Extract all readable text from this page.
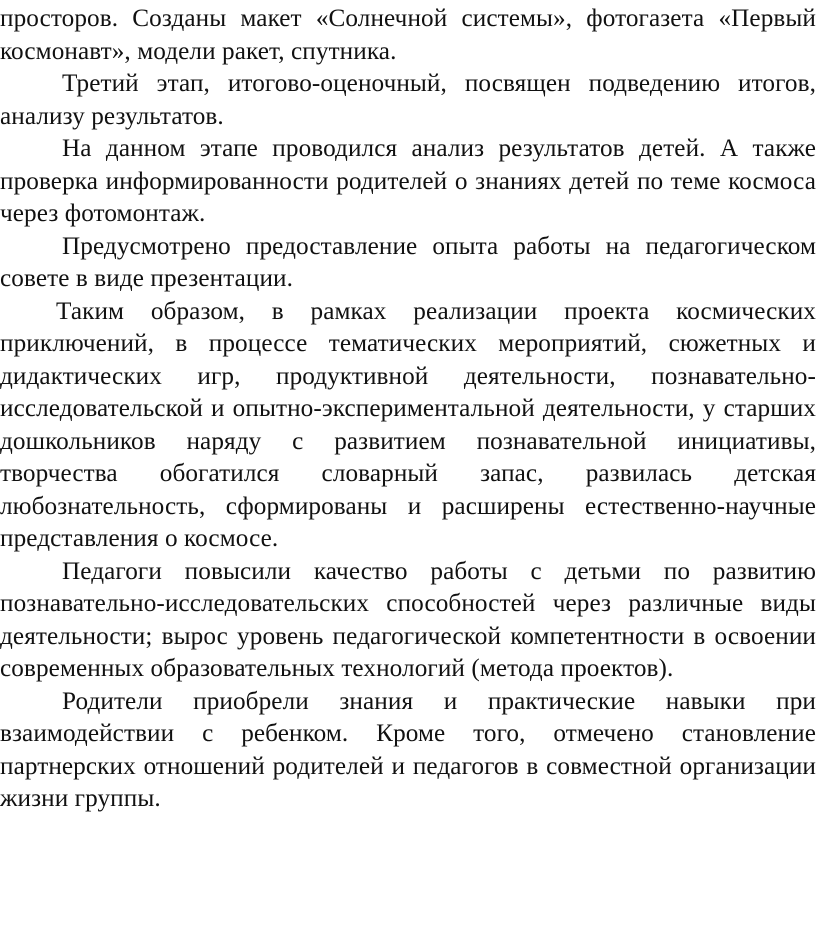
просторов. Созданы макет «Солнечной системы», фотогазета «Первый космонавт», модели ракет, спутника.

Третий этап, итогово-оценочный, посвящен подведению итогов, анализу результатов.

На данном этапе проводился анализ результатов детей. А также проверка информированности родителей о знаниях детей по теме космоса через фотомонтаж.

Предусмотрено предоставление опыта работы на педагогическом совете в виде презентации.

Таким образом, в рамках реализации проекта космических приключений, в процессе тематических мероприятий, сюжетных и дидактических игр, продуктивной деятельности, познавательно-исследовательской и опытно-экспериментальной деятельности, у старших дошкольников наряду с развитием познавательной инициативы, творчества обогатился словарный запас, развилась детская любознательность, сформированы и расширены естественно-научные представления о космосе.

Педагоги повысили качество работы с детьми по развитию познавательно-исследовательских способностей через различные виды деятельности; вырос уровень педагогической компетентности в освоении современных образовательных технологий (метода проектов).

Родители приобрели знания и практические навыки при взаимодействии с ребенком. Кроме того, отмечено становление партнерских отношений родителей и педагогов в совместной организации жизни группы.
